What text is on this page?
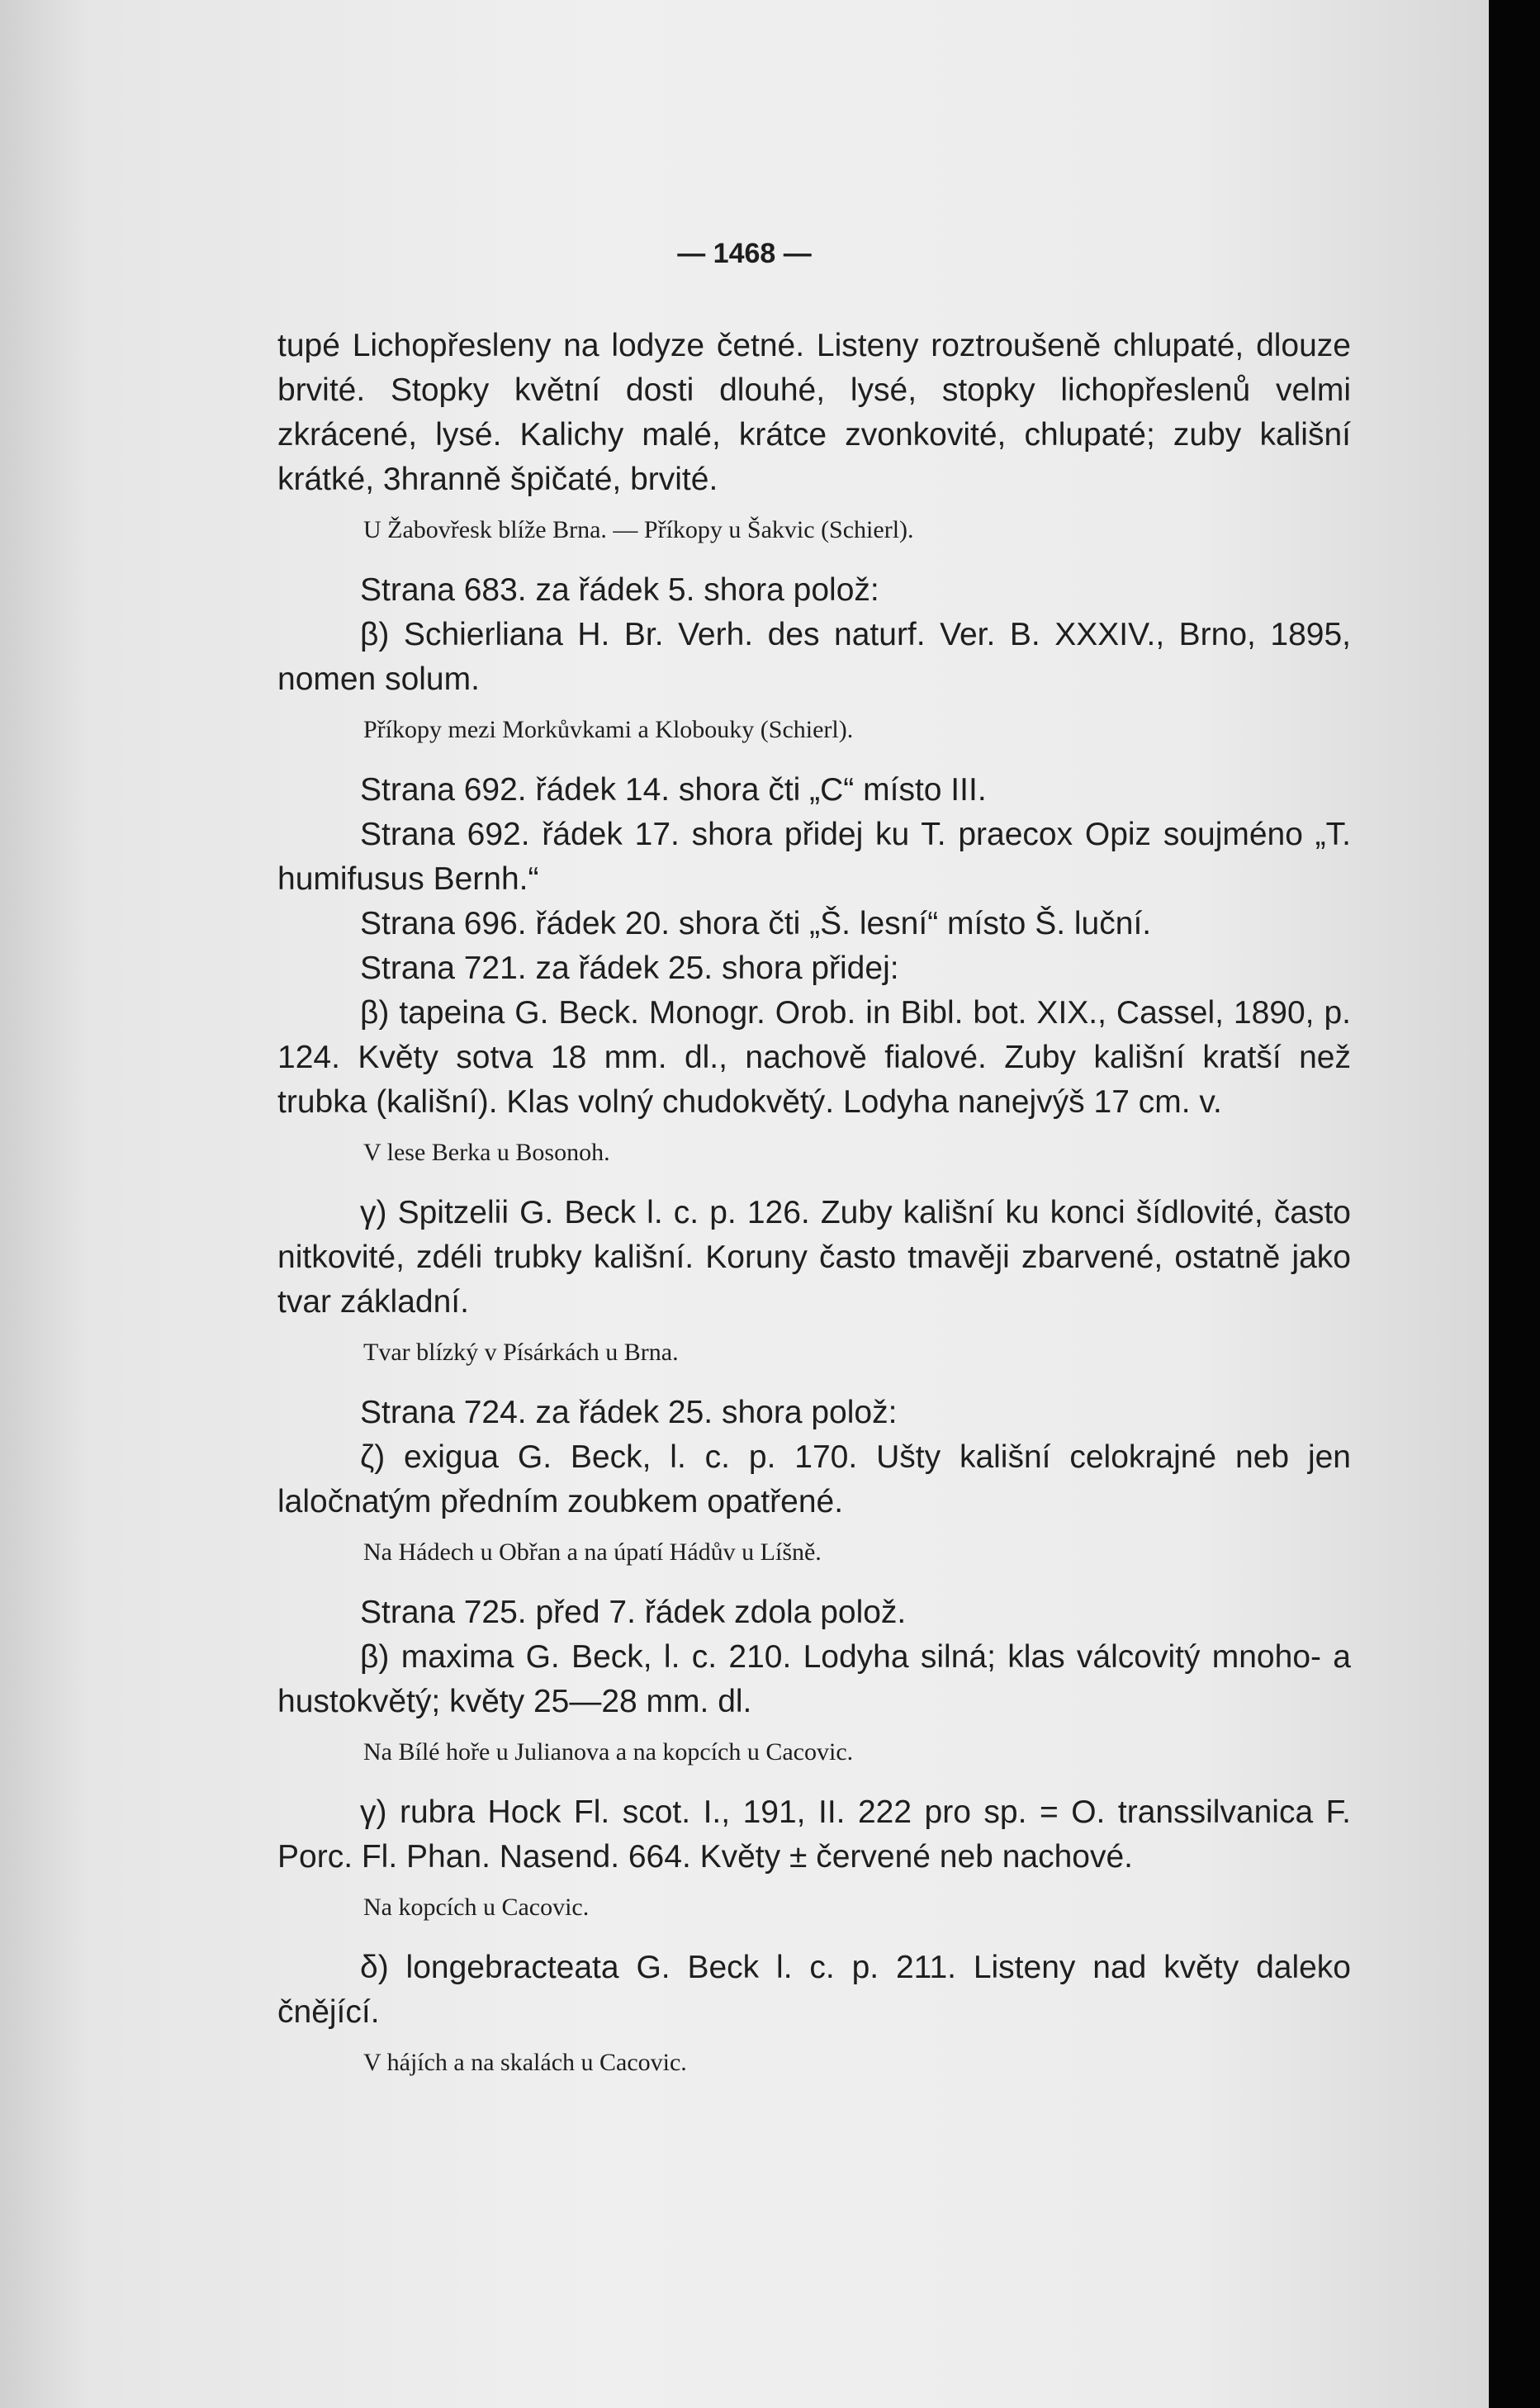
— 1468 —

tupé Lichopřesleny na lodyze četné. Listeny roztroušeně chlupaté, dlouze brvité. Stopky květní dosti dlouhé, lysé, stopky lichopřeslenů velmi zkrácené, lysé. Kalichy malé, krátce zvonkovité, chlupaté; zuby kališní krátké, 3hranně špičaté, brvité.

U Žabovřesk blíže Brna. — Příkopy u Šakvic (Schierl).

Strana 683. za řádek 5. shora polož:

β) Schierliana H. Br. Verh. des naturf. Ver. B. XXXIV., Brno, 1895, nomen solum.

Příkopy mezi Morkůvkami a Klobouky (Schierl).

Strana 692. řádek 14. shora čti „C“ místo III.

Strana 692. řádek 17. shora přidej ku T. praecox Opiz soujméno „T. humifusus Bernh.“

Strana 696. řádek 20. shora čti „Š. lesní“ místo Š. luční.

Strana 721. za řádek 25. shora přidej:

β) tapeina G. Beck. Monogr. Orob. in Bibl. bot. XIX., Cassel, 1890, p. 124. Květy sotva 18 mm. dl., nachově fialové. Zuby kališní kratší než trubka (kališní). Klas volný chudokvětý. Lodyha nanejvýš 17 cm. v.

V lese Berka u Bosonoh.

γ) Spitzelii G. Beck l. c. p. 126. Zuby kališní ku konci šídlovité, často nitkovité, zdéli trubky kališní. Koruny často tmavěji zbarvené, ostatně jako tvar základní.

Tvar blízký v Písárkách u Brna.

Strana 724. za řádek 25. shora polož:

ζ) exigua G. Beck, l. c. p. 170. Ušty kališní celokrajné neb jen laločnatým předním zoubkem opatřené.

Na Hádech u Obřan a na úpatí Hádův u Líšně.

Strana 725. před 7. řádek zdola polož.

β) maxima G. Beck, l. c. 210. Lodyha silná; klas válcovitý mnoho- a hustokvětý; květy 25—28 mm. dl.

Na Bílé hoře u Julianova a na kopcích u Cacovic.

γ) rubra Hock Fl. scot. I., 191, II. 222 pro sp. = O. transsilvanica F. Porc. Fl. Phan. Nasend. 664. Květy ± červené neb nachové.

Na kopcích u Cacovic.

δ) longebracteata G. Beck l. c. p. 211. Listeny nad květy daleko čnějící.

V hájích a na skalách u Cacovic.
